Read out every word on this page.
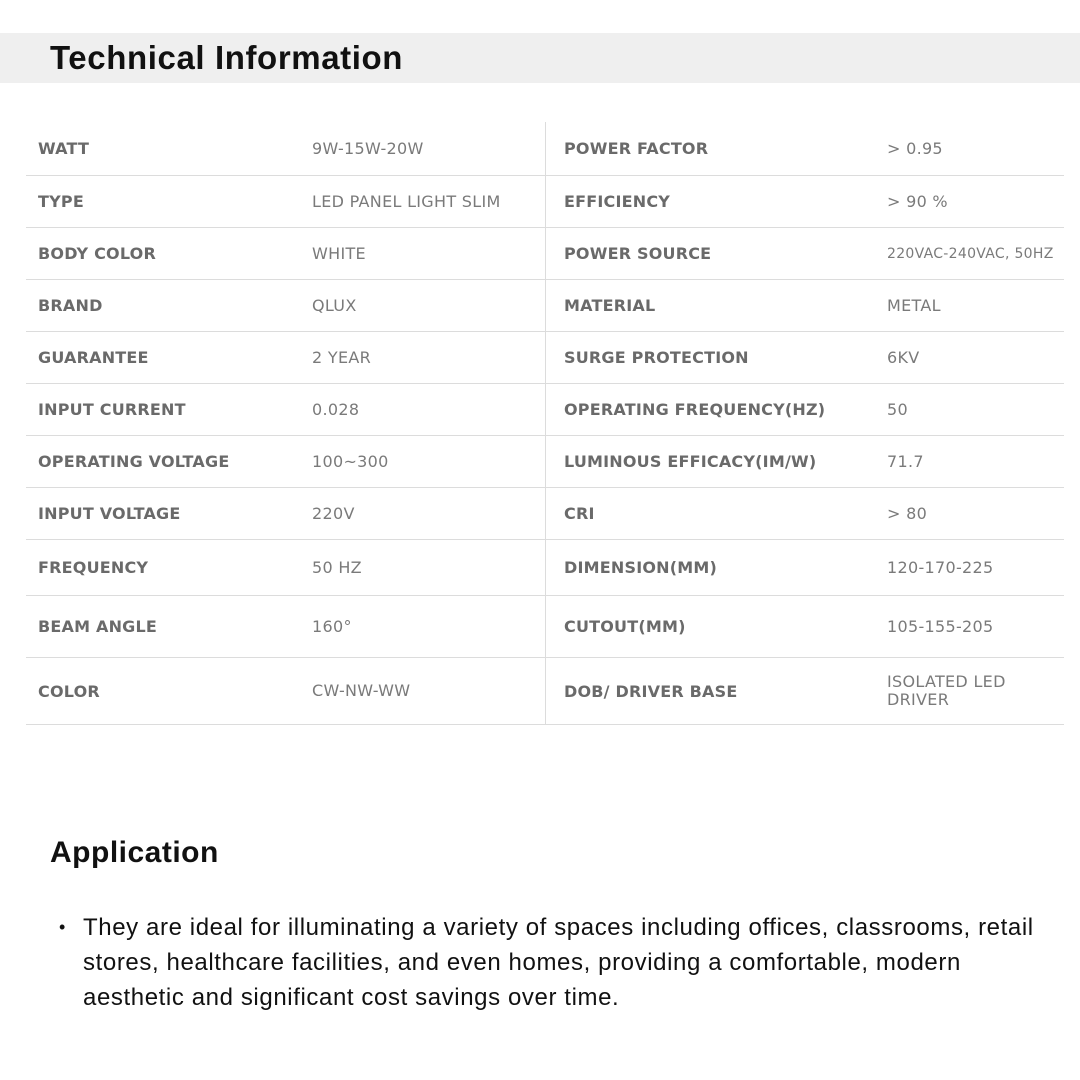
Technical Information
WATT	9W-15W-20W	POWER FACTOR	> 0.95
TYPE	LED PANEL LIGHT SLIM	EFFICIENCY	> 90 %
BODY COLOR	WHITE	POWER SOURCE	220VAC-240VAC, 50HZ
BRAND	QLUX	MATERIAL	METAL
GUARANTEE	2 YEAR	SURGE PROTECTION	6KV
INPUT CURRENT	0.028	OPERATING FREQUENCY(HZ)	50
OPERATING VOLTAGE	100~300	LUMINOUS EFFICACY(IM/W)	71.7
INPUT VOLTAGE	220V	CRI	> 80
FREQUENCY	50 HZ	DIMENSION(MM)	120-170-225
BEAM ANGLE	160°	CUTOUT(MM)	105-155-205
COLOR	CW-NW-WW	DOB/ DRIVER BASE	ISOLATED LED DRIVER
Application
• They are ideal for illuminating a variety of spaces including offices, classrooms, retail stores, healthcare facilities, and even homes, providing a comfortable, modern aesthetic and significant cost savings over time.
